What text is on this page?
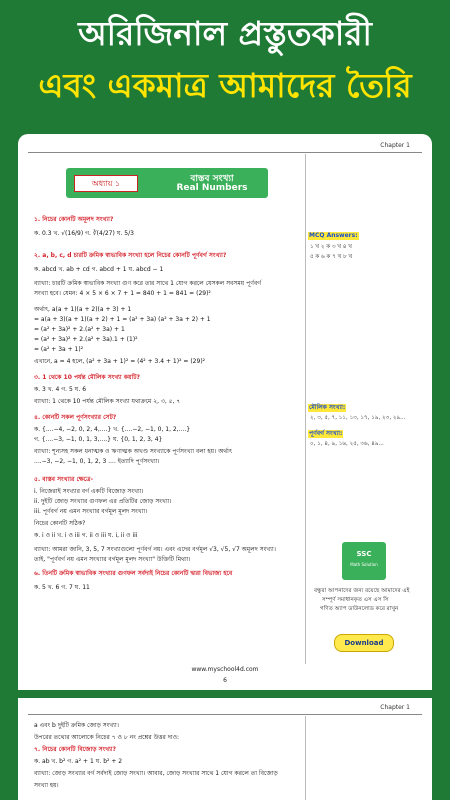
অরিজিনাল প্রস্তুতকারী
এবং একমাত্র আমাদের তৈরি
Chapter 1
অধ্যায় ১	বাস্তব সংখ্যা
Real Numbers
১. নিচের কোনটি অমূলদ সংখ্যা?
ক. 0.3 খ. √(16/9) গ. ∛(4/27) ঘ. 5/3
২. a, b, c, d চারটি ক্রমিক স্বাভাবিক সংখ্যা হলে নিচের কোনটি পূর্ণবর্গ সংখ্যা?
ক. abcd খ. ab + cd গ. abcd + 1 ঘ. abcd − 1
ব্যাখ্যা: চারটি ক্রমিক স্বাভাবিক সংখ্যা গুণ করে তার সাথে 1 যোগ করলে যেসকল সবসময় পূর্ণবর্গ
সংখ্যা হবে। যেমন: 4 × 5 × 6 × 7 + 1 = 840 + 1 = 841 = (29)²
অর্থাৎ, a(a + 1)(a + 2)(a + 3) + 1
= a(a + 3)(a + 1)(a + 2) + 1 = (a² + 3a) (a² + 3a + 2) + 1
= (a² + 3a)² + 2.(a² + 3a) + 1
= (a² + 3a)² + 2.(a² + 3a).1 + (1)²
= (a² + 3a + 1)²
এখানে, a = 4 হলে, (a² + 3a + 1)² = (4² + 3.4 + 1)² = (29)²
৩. 1 থেকে 10 পর্যন্ত মৌলিক সংখ্যা কয়টি?
ক. 3 খ. 4 গ. 5 ঘ. 6
ব্যাখ্যা: 1 থেকে 10 পর্যন্ত মৌলিক সংখ্যা যথাক্রমে ২, ৩, ৫, ৭
৪. কোনটি সকল পূর্ণসংখ্যার সেট?
ক. {....−4, −2, 0, 2, 4,....} খ. {....−2, −1, 0, 1, 2,....}
গ. {....−3, −1, 0, 1, 3,....} ঘ. {0, 1, 2, 3, 4}
ব্যাখ্যা: শূন্যসহ সকল ধনাত্মক ও ঋণাত্মক অখণ্ড সংখ্যাকে পূর্ণসংখ্যা বলা হয়। অর্থাৎ
....−3, −2, −1, 0, 1, 2, 3 .... ইত্যাদি পূর্ণসংখ্যা।
৫. বাস্তব সংখ্যার ক্ষেত্রে-
i. নিজেরাই সংখ্যার বর্গ একটি বিজোড় সংখ্যা।
ii. দুইটি জোড় সংখ্যার গুণফল এর প্রতিটির জোড় সংখ্যা।
iii. পূর্ণবর্গ নয় এমন সংখ্যার বর্গমূল মূলদ সংখ্যা।
নিচের কোনটি সঠিক?
ক. i ও ii খ. i ও iii গ. ii ও iii ঘ. i, ii ও iii
ব্যাখ্যা: আমরা জানি, 3, 5, 7 সংখ্যাগুলো পূর্ণবর্গ নয়। এবং এদের বর্গমূল √3, √5, √7 অমূলদ সংখ্যা।
তাই, "পূর্ণবর্গ নয় এমন সংখ্যার বর্গমূল মূলদ সংখ্যা" উক্তিটি মিথ্যা।
৬. তিনটি ক্রমিক স্বাভাবিক সংখ্যার গুণফল সর্বদাই নিচের কোনটি দ্বারা বিভাজ্য হবে
ক. 5 খ. 6 গ. 7 ঘ. 11
MCQ Answers:
১ খ ২ ক ৩ খ ৪ খ
৫ ক ৬ ক ৭ খ ৮ খ
মৌলিক সংখ্যা:
২, ৩, ৫, ৭, ১১, ১৩, ১৭, ১৯, ২৩, ২৯...
পূর্ণবর্গ সংখ্যা:
০, ১, ৪, ৯, ১৬, ২৫, ৩৬, ৪৯...
SSC
Math Solution
বন্ধুরা আপনাদের জন্য রয়েছে আমাদের এই
সম্পূর্ণ সমাধানকৃত এস এস সি
গণিত অ্যাপ ডাউনলোড করে রাখুন
Download
www.myschool4d.com
6
Chapter 1
a এবং b দুইটি ক্রমিক জোড় সংখ্যা।
উপরের তথ্যের আলোকে নিচের ৭ ও ৮ নং প্রশ্নের উত্তর দাও:
৭. নিচের কোনটি বিজোড় সংখ্যা?
ক. ab খ. b² গ. a² + 1 ঘ. b² + 2
ব্যাখ্যা: জোড় সংখ্যার বর্গ সর্বদাই জোড় সংখ্যা। আবার, জোড় সংখ্যার সাথে 1 যোগ করলে তা বিজোড়
সংখ্যা হয়।
